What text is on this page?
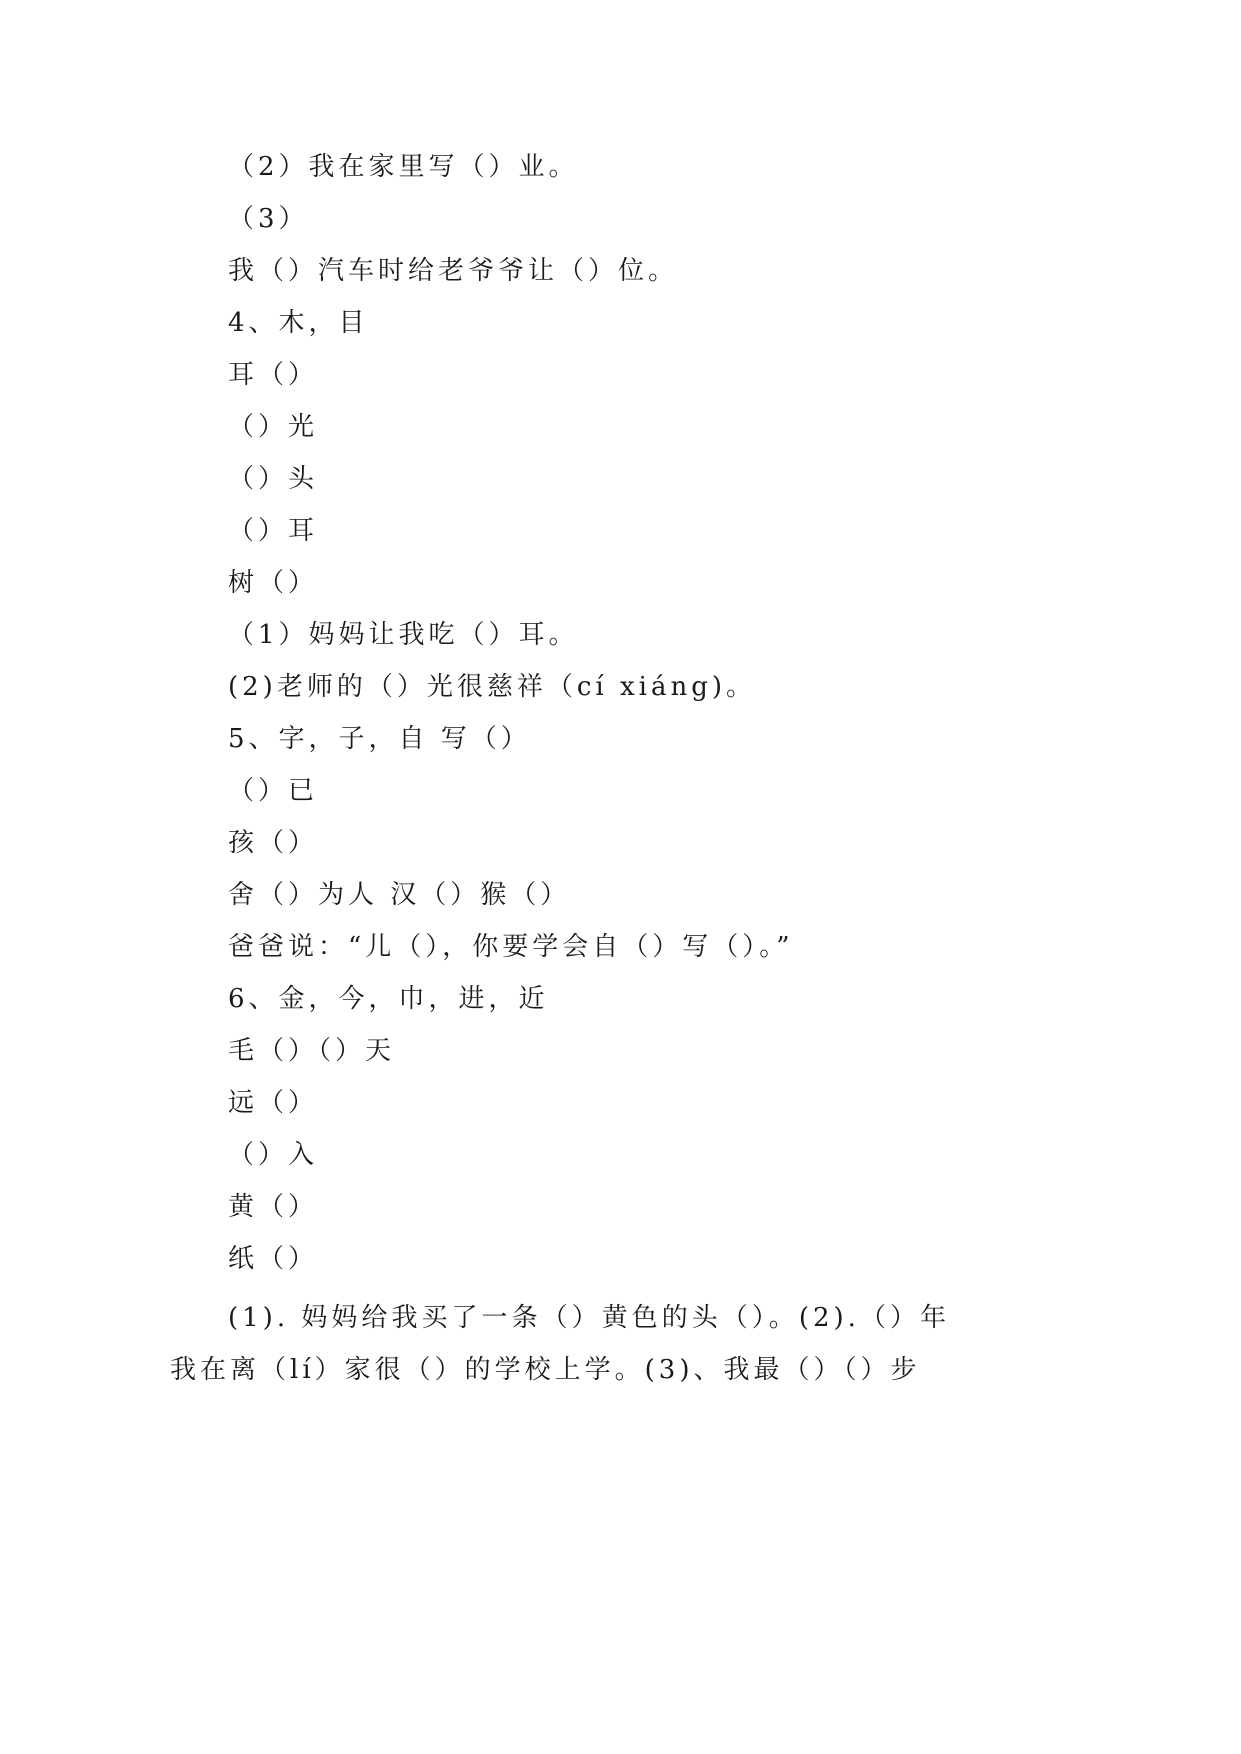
（2）我在家里写（）业。
（3）
我（）汽车时给老爷爷让（）位。
4、木，目
耳（）
（）光
（）头
（）耳
树（）
（1）妈妈让我吃（）耳。
(2)老师的（）光很慈祥（cí xiáng)。
5、字，子，自 写（）
（）已
孩（）
舍（）为人 汉（）猴（）
爸爸说：“儿（），你要学会自（）写（）。”
6、金，今，巾，进，近
毛（）（）天
远（）
（）入
黄（）
纸（）
(1). 妈妈给我买了一条（）黄色的头（）。(2).（）年我在离（lí）家很（）的学校上学。(3)、我最（）（）步
